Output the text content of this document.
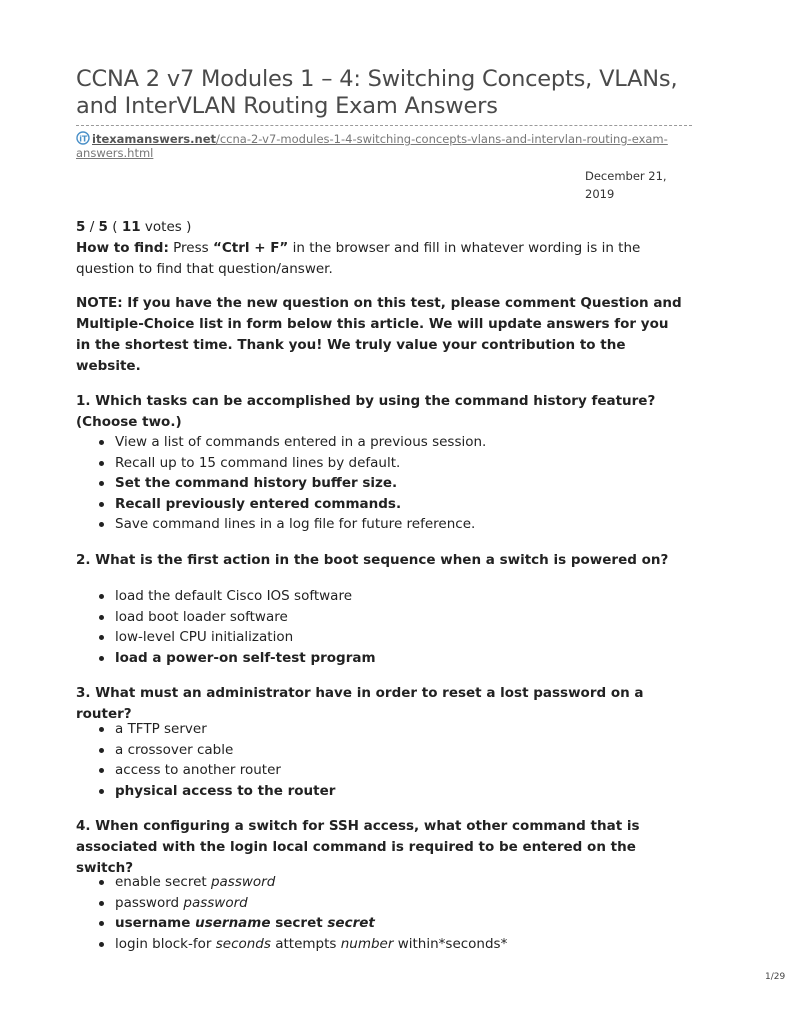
CCNA 2 v7 Modules 1 – 4: Switching Concepts, VLANs, and InterVLAN Routing Exam Answers
iT itexamanswers.net/ccna-2-v7-modules-1-4-switching-concepts-vlans-and-intervlan-routing-exam-
answers.html
December 21,
2019
5 / 5 ( 11 votes )
How to find: Press “Ctrl + F” in the browser and fill in whatever wording is in the question to find that question/answer.
NOTE: If you have the new question on this test, please comment Question and Multiple-Choice list in form below this article. We will update answers for you in the shortest time. Thank you! We truly value your contribution to the website.
1. Which tasks can be accomplished by using the command history feature? (Choose two.)
View a list of commands entered in a previous session.
Recall up to 15 command lines by default.
Set the command history buffer size.
Recall previously entered commands.
Save command lines in a log file for future reference.
2. What is the first action in the boot sequence when a switch is powered on?
load the default Cisco IOS software
load boot loader software
low-level CPU initialization
load a power-on self-test program
3. What must an administrator have in order to reset a lost password on a router?
a TFTP server
a crossover cable
access to another router
physical access to the router
4. When configuring a switch for SSH access, what other command that is associated with the login local command is required to be entered on the switch?
enable secret password
password password
username username secret secret
login block-for seconds attempts number within*seconds*
1/29
